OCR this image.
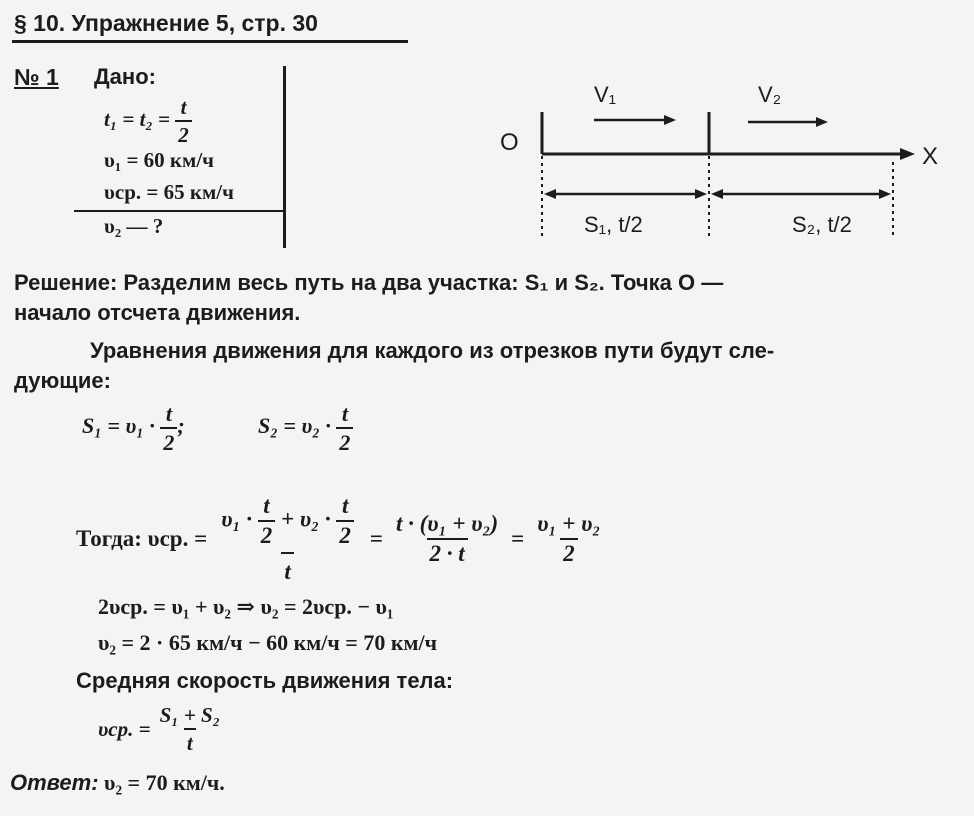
§ 10. Упражнение 5, стр. 30
№ 1 Дано:
$t_1 = t_2 = \frac{t}{2}$
υ₁ = 60 км/ч
υср. = 65 км/ч
υ₂ — ?
O
X
V₁	V₂
S₁, t/2	S₂, t/2
Решение: Разделим весь путь на два участка: S₁ и S₂. Точка O —
начало отсчета движения.
Уравнения движения для каждого из отрезков пути будут сле-
дующие:
$S_1 = \upsilon_1 \cdot \frac{t}{2}$ ;	$S_2 = \upsilon_2 \cdot \frac{t}{2}$
Тогда: υср. = $\frac{\upsilon_1 \cdot \frac{t}{2} + \upsilon_2 \cdot \frac{t}{2}}{t} = \frac{\text{t · (υ₁ + υ₂)}}{2 \cdot t} = \frac{\text{υ₁ + υ₂}}{2}$
2υср. = υ₁ + υ₂ ⇒ υ₂ = 2υср. − υ₁
υ₂ = 2 · 65 км/ч − 60 км/ч = 70 км/ч
Средняя скорость движения тела:
υср. = $\frac{\text{S₁ + S₂}}{t}$
Ответ: υ₂ = 70 км/ч.
